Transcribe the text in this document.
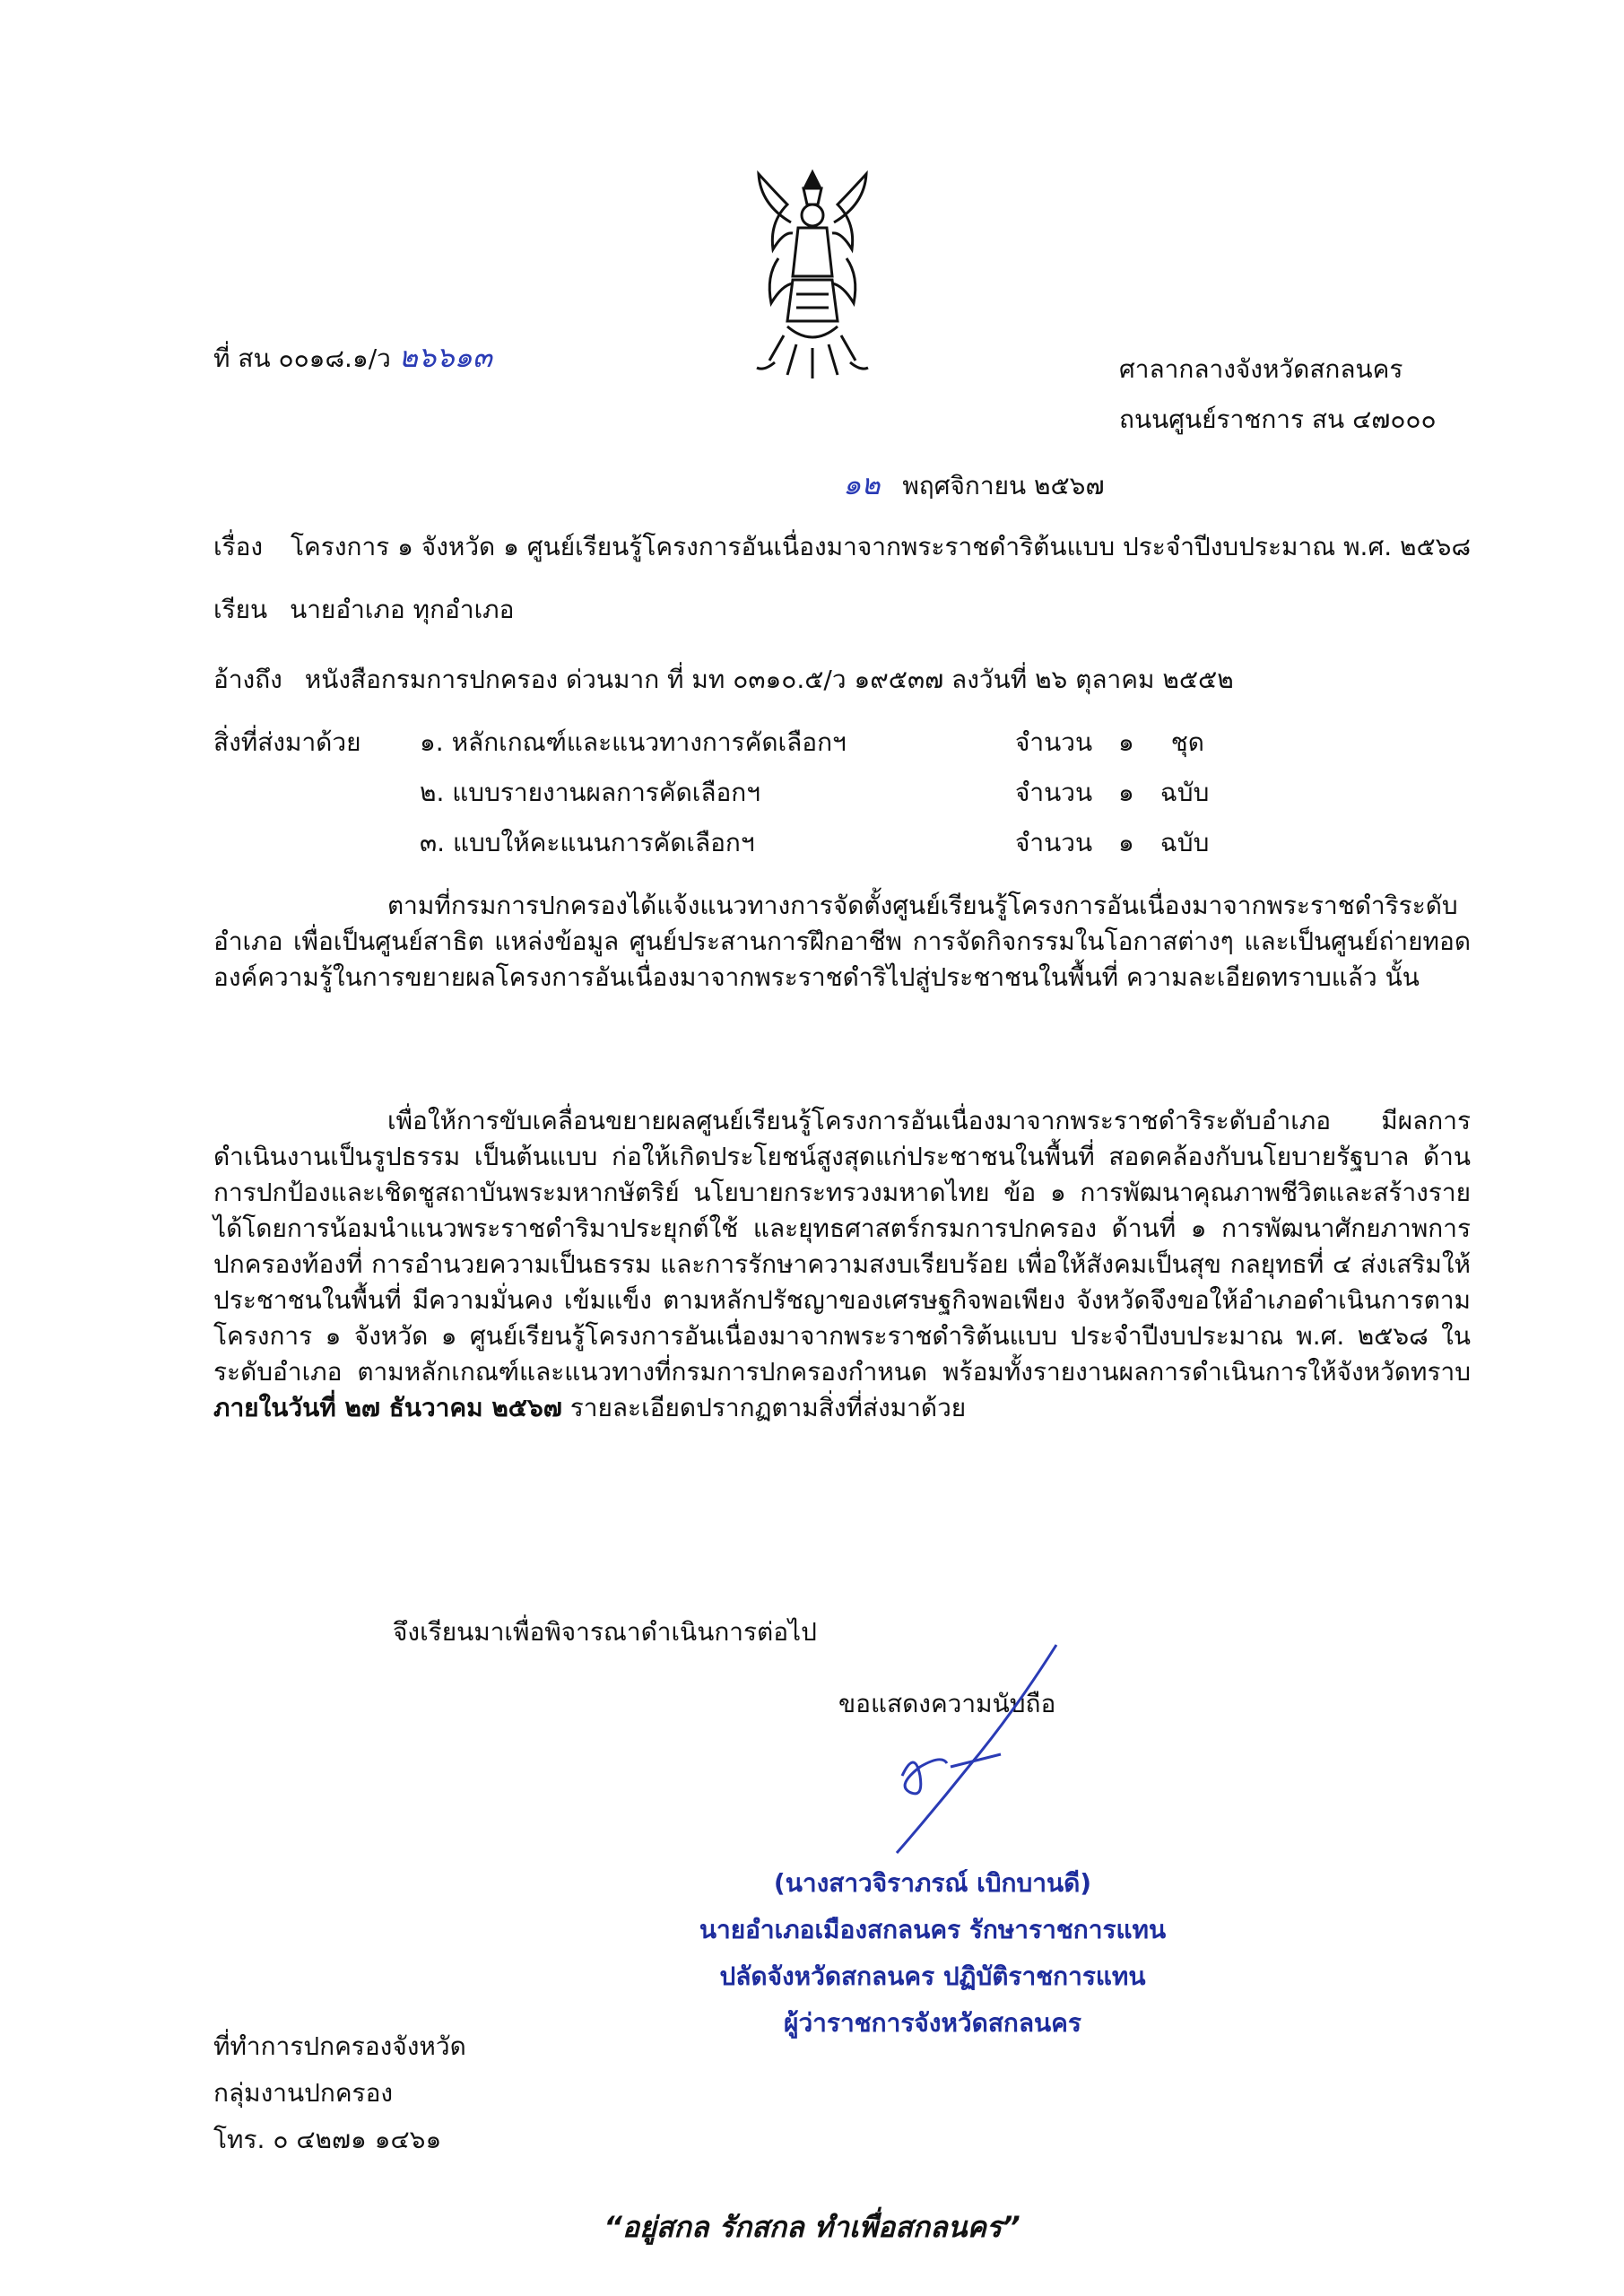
ที่ สน ๐๐๑๘.๑/ว ๒๖๖๑๓	ศาลากลางจังหวัดสกลนคร
ถนนศูนย์ราชการ สน ๔๗๐๐๐
๑๒ พฤศจิกายน ๒๕๖๗
เรื่อง โครงการ ๑ จังหวัด ๑ ศูนย์เรียนรู้โครงการอันเนื่องมาจากพระราชดำริต้นแบบ ประจำปีงบประมาณ พ.ศ. ๒๕๖๘
เรียน นายอำเภอ ทุกอำเภอ
อ้างถึง หนังสือกรมการปกครอง ด่วนมาก ที่ มท ๐๓๑๐.๕/ว ๑๙๕๓๗ ลงวันที่ ๒๖ ตุลาคม ๒๕๕๒
สิ่งที่ส่งมาด้วย ๑. หลักเกณฑ์และแนวทางการคัดเลือกฯ	จำนวน ๑ ชุด
๒. แบบรายงานผลการคัดเลือกฯ	จำนวน ๑ ฉบับ
๓. แบบให้คะแนนการคัดเลือกฯ	จำนวน ๑ ฉบับ
ตามที่กรมการปกครองได้แจ้งแนวทางการจัดตั้งศูนย์เรียนรู้โครงการอันเนื่องมาจากพระราชดำริระดับอำเภอ เพื่อเป็นศูนย์สาธิต แหล่งข้อมูล ศูนย์ประสานการฝึกอาชีพ การจัดกิจกรรมในโอกาสต่างๆ และเป็นศูนย์ถ่ายทอดองค์ความรู้ในการขยายผลโครงการอันเนื่องมาจากพระราชดำริไปสู่ประชาชนในพื้นที่ ความละเอียดทราบแล้ว นั้น
เพื่อให้การขับเคลื่อนขยายผลศูนย์เรียนรู้โครงการอันเนื่องมาจากพระราชดำริระดับอำเภอ มีผลการดำเนินงานเป็นรูปธรรม เป็นต้นแบบ ก่อให้เกิดประโยชน์สูงสุดแก่ประชาชนในพื้นที่ สอดคล้องกับนโยบายรัฐบาล ด้านการปกป้องและเชิดชูสถาบันพระมหากษัตริย์ นโยบายกระทรวงมหาดไทย ข้อ ๑ การพัฒนาคุณภาพชีวิตและสร้างรายได้โดยการน้อมนำแนวพระราชดำริมาประยุกต์ใช้ และยุทธศาสตร์กรมการปกครอง ด้านที่ ๑ การพัฒนาศักยภาพการปกครองท้องที่ การอำนวยความเป็นธรรม และการรักษาความสงบเรียบร้อย เพื่อให้สังคมเป็นสุข กลยุทธที่ ๔ ส่งเสริมให้ประชาชนในพื้นที่ มีความมั่นคง เข้มแข็ง ตามหลักปรัชญาของเศรษฐกิจพอเพียง จังหวัดจึงขอให้อำเภอดำเนินการตามโครงการ ๑ จังหวัด ๑ ศูนย์เรียนรู้โครงการอันเนื่องมาจากพระราชดำริต้นแบบ ประจำปีงบประมาณ พ.ศ. ๒๕๖๘ ในระดับอำเภอ ตามหลักเกณฑ์และแนวทางที่กรมการปกครองกำหนด พร้อมทั้งรายงานผลการดำเนินการให้จังหวัดทราบ ภายในวันที่ ๒๗ ธันวาคม ๒๕๖๗ รายละเอียดปรากฏตามสิ่งที่ส่งมาด้วย
จึงเรียนมาเพื่อพิจารณาดำเนินการต่อไป
ขอแสดงความนับถือ
(นางสาวจิราภรณ์ เบิกบานดี)
นายอำเภอเมืองสกลนคร รักษาราชการแทน
ปลัดจังหวัดสกลนคร ปฏิบัติราชการแทน
ผู้ว่าราชการจังหวัดสกลนคร
ที่ทำการปกครองจังหวัด
กลุ่มงานปกครอง
โทร. ๐ ๔๒๗๑ ๑๔๖๑
“อยู่สกล รักสกล ทำเพื่อสกลนคร”
